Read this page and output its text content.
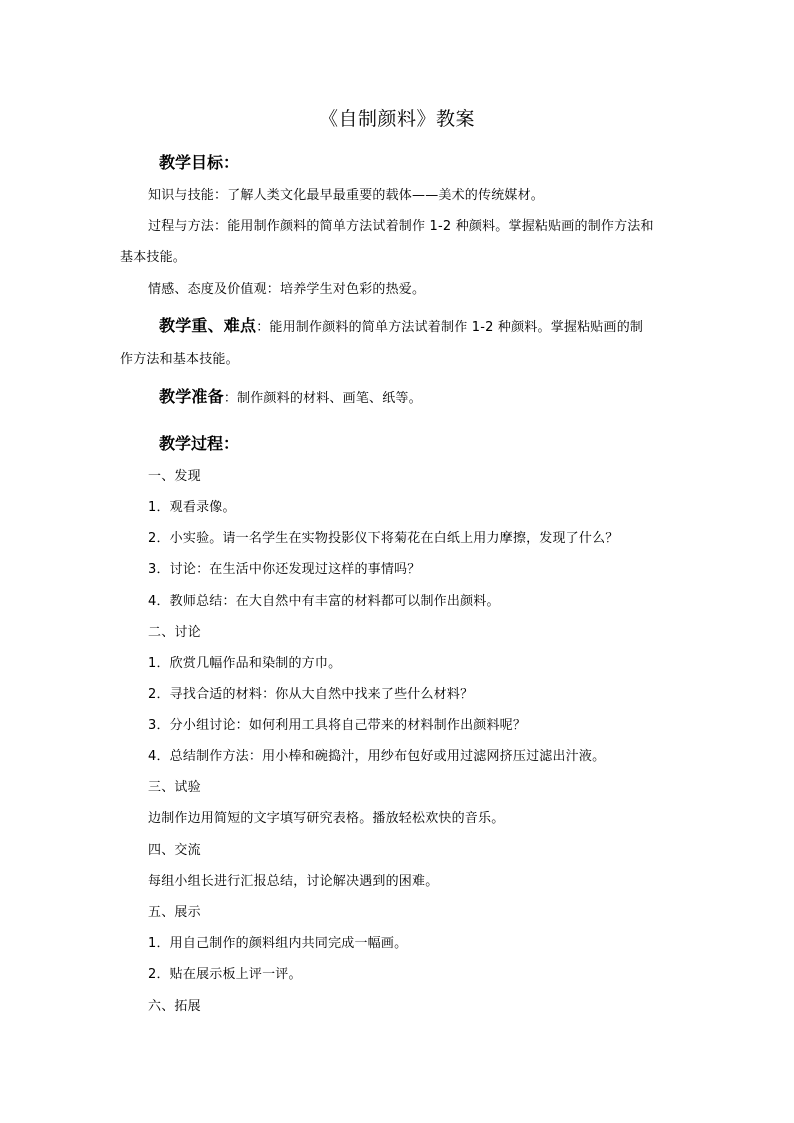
《自制颜料》教案
教学目标：
知识与技能：了解人类文化最早最重要的载体——美术的传统媒材。
过程与方法：能用制作颜料的简单方法试着制作 1-2 种颜料。掌握粘贴画的制作方法和
基本技能。
情感、态度及价值观：培养学生对色彩的热爱。
教学重、难点：能用制作颜料的简单方法试着制作 1-2 种颜料。掌握粘贴画的制
作方法和基本技能。
教学准备：制作颜料的材料、画笔、纸等。
教学过程：
一、发现
1．观看录像。
2．小实验。请一名学生在实物投影仪下将菊花在白纸上用力摩擦，发现了什么？
3．讨论：在生活中你还发现过这样的事情吗？
4．教师总结：在大自然中有丰富的材料都可以制作出颜料。
二、讨论
1．欣赏几幅作品和染制的方巾。
2．寻找合适的材料：你从大自然中找来了些什么材料？
3．分小组讨论：如何利用工具将自己带来的材料制作出颜料呢？
4．总结制作方法：用小棒和碗捣汁，用纱布包好或用过滤网挤压过滤出汁液。
三、试验
边制作边用简短的文字填写研究表格。播放轻松欢快的音乐。
四、交流
每组小组长进行汇报总结，讨论解决遇到的困难。
五、展示
1．用自己制作的颜料组内共同完成一幅画。
2．贴在展示板上评一评。
六、拓展
